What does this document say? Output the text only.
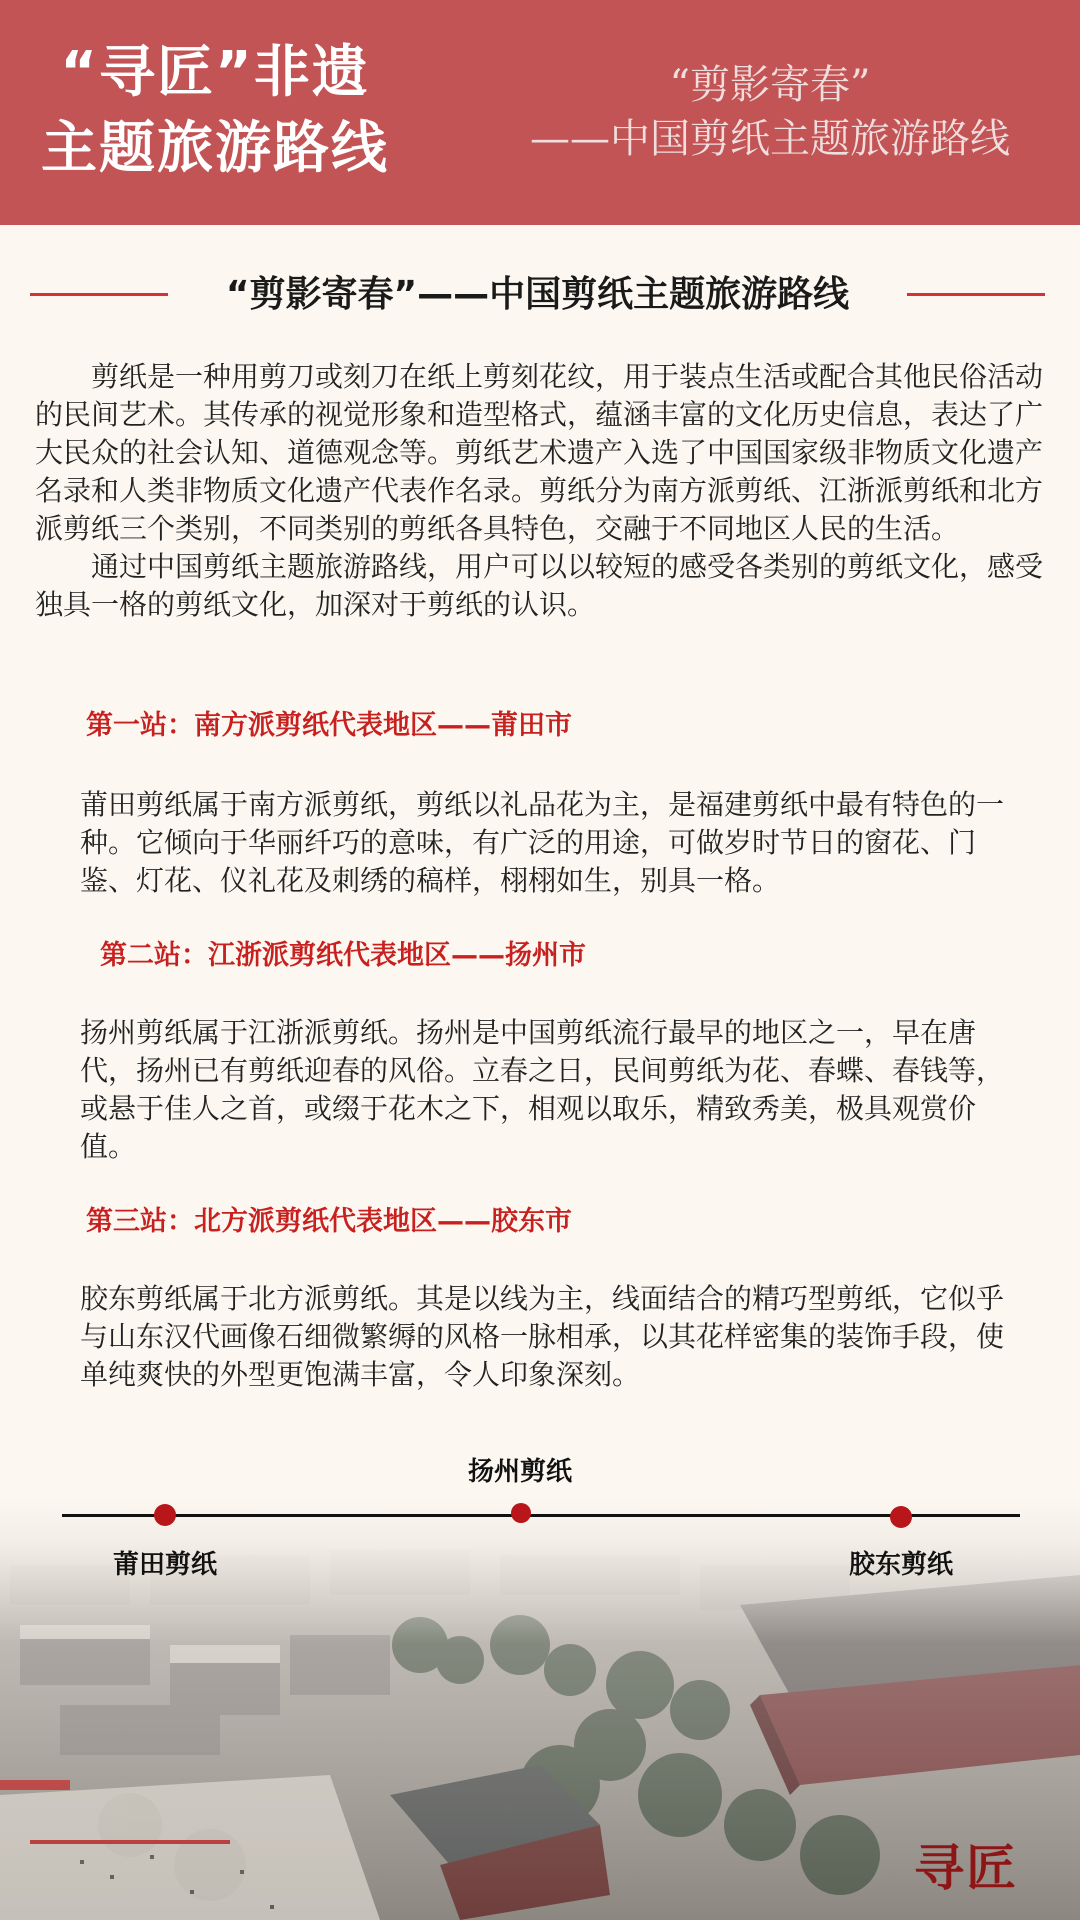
“寻匠”非遗
主题旅游路线
“剪影寄春”
——中国剪纸主题旅游路线
“剪影寄春”——中国剪纸主题旅游路线

剪纸是一种用剪刀或刻刀在纸上剪刻花纹，用于装点生活或配合其他民俗活动的民间艺术。其传承的视觉形象和造型格式，蕴涵丰富的文化历史信息，表达了广大民众的社会认知、道德观念等。剪纸艺术遗产入选了中国国家级非物质文化遗产名录和人类非物质文化遗产代表作名录。剪纸分为南方派剪纸、江浙派剪纸和北方派剪纸三个类别，不同类别的剪纸各具特色，交融于不同地区人民的生活。

通过中国剪纸主题旅游路线，用户可以以较短的感受各类别的剪纸文化，感受独具一格的剪纸文化，加深对于剪纸的认识。

第一站：南方派剪纸代表地区——莆田市

莆田剪纸属于南方派剪纸，剪纸以礼品花为主，是福建剪纸中最有特色的一种。它倾向于华丽纤巧的意味，有广泛的用途，可做岁时节日的窗花、门鉴、灯花、仪礼花及刺绣的稿样，栩栩如生，别具一格。

第二站：江浙派剪纸代表地区——扬州市

扬州剪纸属于江浙派剪纸。扬州是中国剪纸流行最早的地区之一，早在唐代，扬州已有剪纸迎春的风俗。立春之日，民间剪纸为花、春蝶、春钱等，或悬于佳人之首，或缀于花木之下，相观以取乐，精致秀美，极具观赏价值。

第三站：北方派剪纸代表地区——胶东市

胶东剪纸属于北方派剪纸。其是以线为主，线面结合的精巧型剪纸，它似乎与山东汉代画像石细微繁缛的风格一脉相承，以其花样密集的装饰手段，使单纯爽快的外型更饱满丰富，令人印象深刻。

寻匠
扬州剪纸
莆田剪纸	胶东剪纸
